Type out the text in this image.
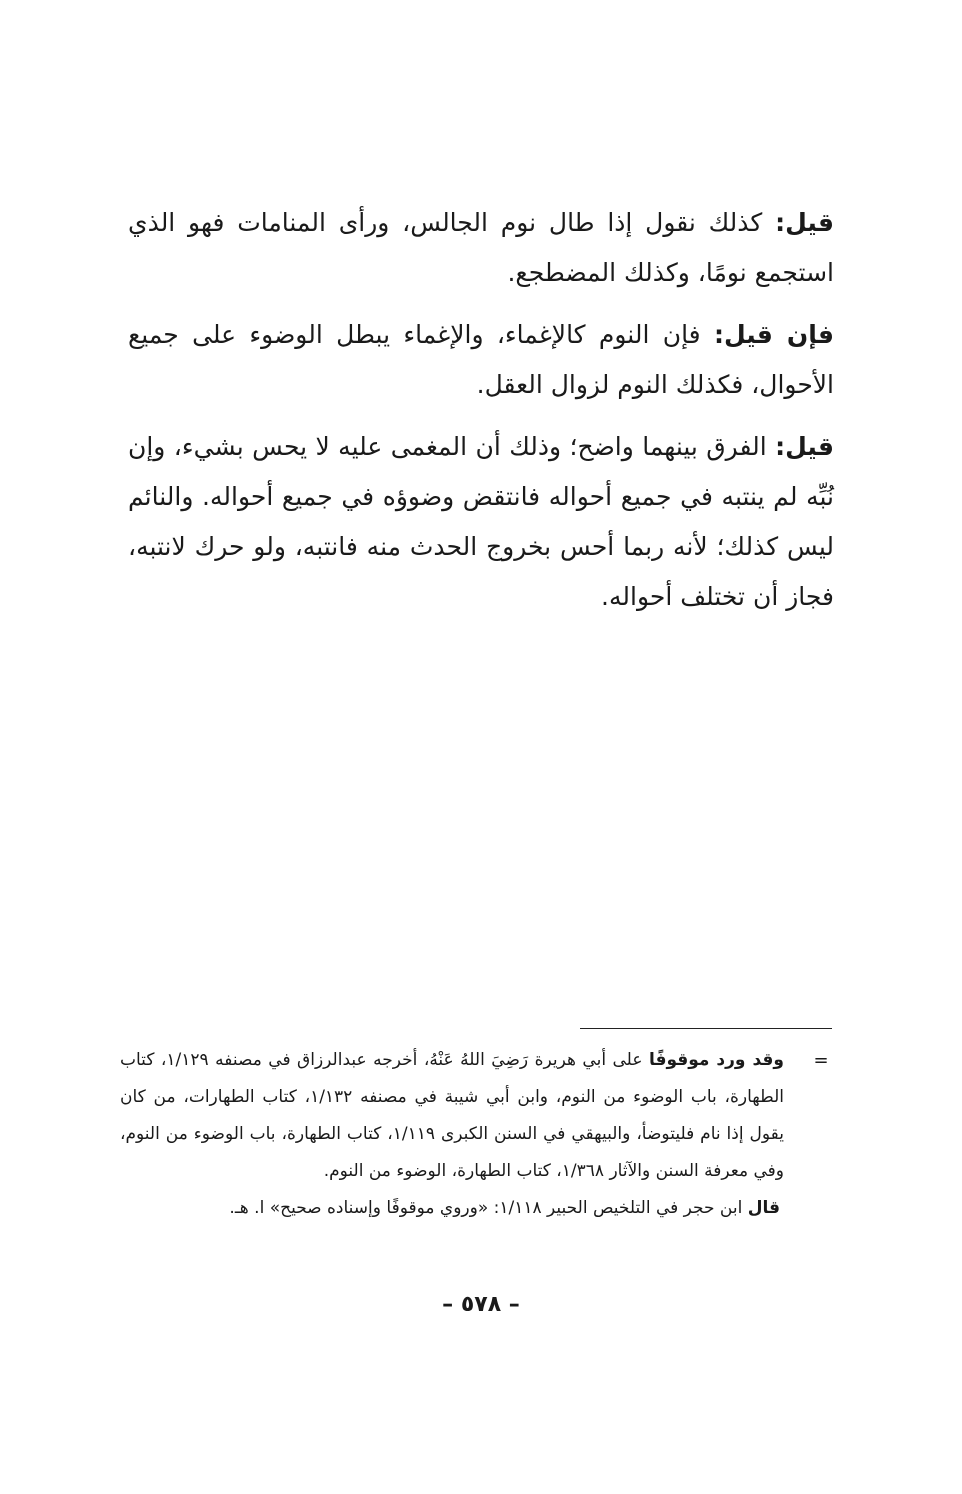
قيل: كذلك نقول إذا طال نوم الجالس، ورأى المنامات فهو الذي استجمع نومًا، وكذلك المضطجع.

فإن قيل: فإن النوم كالإغماء، والإغماء يبطل الوضوء على جميع الأحوال، فكذلك النوم لزوال العقل.

قيل: الفرق بينهما واضح؛ وذلك أن المغمى عليه لا يحس بشيء، وإن نُبِّه لم ينتبه في جميع أحواله فانتقض وضوؤه في جميع أحواله. والنائم ليس كذلك؛ لأنه ربما أحس بخروج الحدث منه فانتبه، ولو حرك لانتبه، فجاز أن تختلف أحواله.

=

وقد ورد موقوفًا على أبي هريرة رَضِيَ اللهُ عَنْهُ، أخرجه عبدالرزاق في مصنفه ١/١٢٩، كتاب الطهارة، باب الوضوء من النوم، وابن أبي شيبة في مصنفه ١/١٣٢، كتاب الطهارات، من كان يقول إذا نام فليتوضأ، والبيهقي في السنن الكبرى ١/١١٩، كتاب الطهارة، باب الوضوء من النوم، وفي معرفة السنن والآثار ١/٣٦٨، كتاب الطهارة، الوضوء من النوم.

قال ابن حجر في التلخيص الحبير ١/١١٨: «وروي موقوفًا وإسناده صحيح» ا. هـ.

– ٥٧٨ –
